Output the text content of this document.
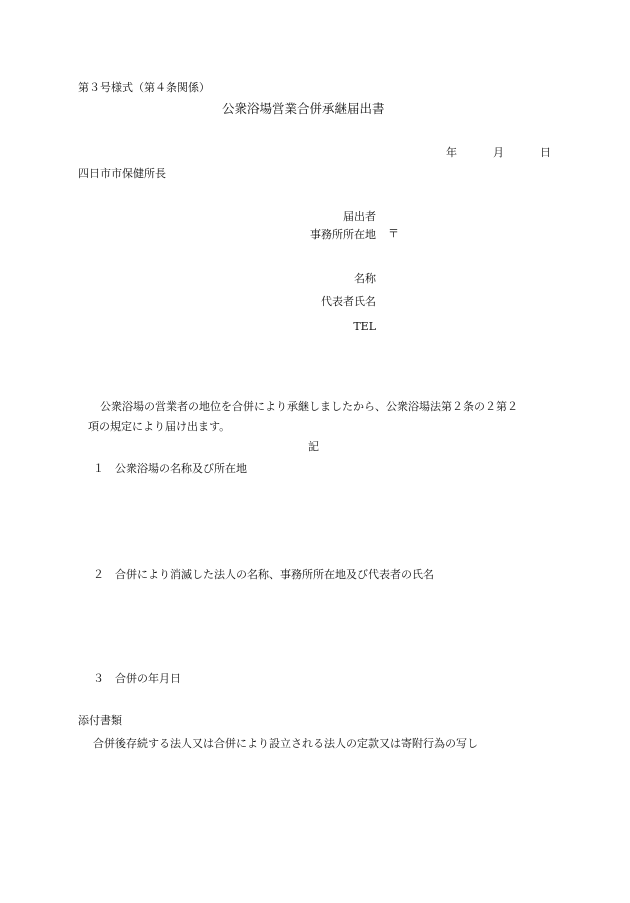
第３号様式（第４条関係）

公衆浴場営業合併承継届出書

年	月	日

四日市市保健所長

届出者

事務所所在地 〒

名称

代表者氏名

TEL

公衆浴場の営業者の地位を合併により承継しましたから、公衆浴場法第２条の２第２

項の規定により届け出ます。

記

１ 公衆浴場の名称及び所在地
２ 合併により消滅した法人の名称、事務所所在地及び代表者の氏名
３ 合併の年月日

添付書類

合併後存続する法人又は合併により設立される法人の定款又は寄附行為の写し
